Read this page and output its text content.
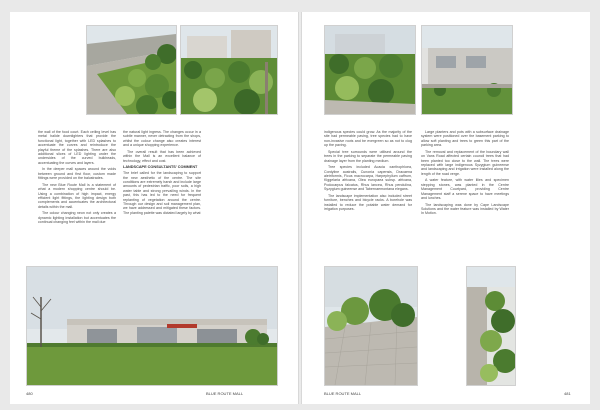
the wall of the food court. Each ceiling level has metal halide downlighters that provide the functional light, together with LED splashes to accentuate the curves and reintroduce the playful theme of the splashes. There are also additional slices of LED lighting under the undersides of the curved bulkheads, accentuating the curves and layers.

In the deeper mall spaces around the voids between ground and first floor, custom made fittings were provided on the balustrades.

The new Blue Route Mall is a statement of what a modern shopping centre should be. Using a combination of high impact, energy efficient light fittings, the lighting design both complements and accentuates the architectural details within the mall.

The colour changing neon not only creates a dynamic lighting installation but accentuates the continual changing feel within the mall due

the natural light ingress. The changes occur in a subtle manner, never detracting from the shops, whilst the colour change also creates interest and a unique shopping experience.

The overall result that has been achieved within the Mall is an excellent balance of technology, effect and cost.

LANDSCAPE CONSULTANTS' COMMENT

The brief called for the landscaping to support the new aesthetic of the centre. The site conditions are extremely harsh and include large amounts of pedestrian traffic, poor soils, a high water table and strong prevailing winds. In the past, this has led to the need for frequent replanting of vegetation around the centre. Through our design and soil management plan, we have addressed and mitigated these factors. The planting palette was dictated largely by what

480	BLUE ROUTE MALL

indigenous species could grow. As the majority of the site had permeable paving, tree species had to have non-invasive roots and be evergreen so as not to clog up the paving.

Special tree surrounds were utilised around the trees in the parking to separate the permeable paving drainage layer from the planting medium.

Tree species included Acacia xanthophloea, Cordyline australis, Cunonia capensis, Dracaena aletriformis, Ficus macrocarpa, Harpephyllum caffrum, Kiggelaria africana, Olea europaea subsp. africana, Podocarpus falcatus, Rhus lancea, Rhus pendulina, Syzygium guineense and Tabernaemontana elegans.

The landscape implementation also included street furniture, benches and bicycle racks. A borehole was installed to reduce the potable water demand for irrigation purposes.

Large planters and pots with a subsurface drainage system were positioned over the basement parking to allow soft planting and trees to green this part of the parking area.

The removal and replacement of the boundary wall on Vans Road affected certain council trees that had been planted too close to the wall. The trees were replaced with large indigenous Syzygium guineense and landscaping and irrigation were installed along the length of the road verge.

A water feature, with water lilies and specimen stepping stones, was planted in the Centre Management Courtyard, providing Centre Management staff a serene space to have meetings and lunches.

The landscaping was done by Cape Landscape Solutions and the water feature was installed by Water In Motion.

BLUE ROUTE MALL	481
